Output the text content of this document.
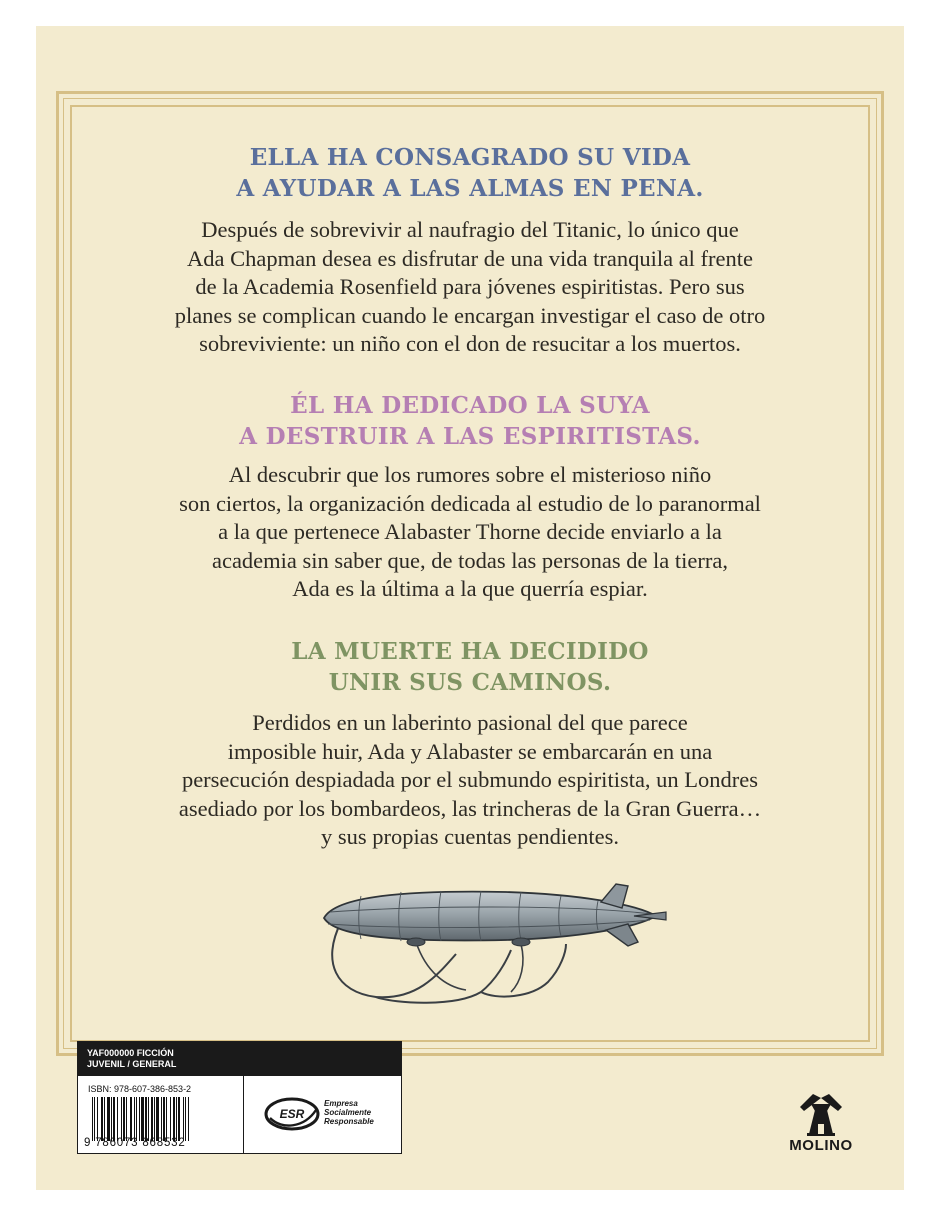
ELLA HA CONSAGRADO SU VIDA
A AYUDAR A LAS ALMAS EN PENA.

Después de sobrevivir al naufragio del Titanic, lo único que
Ada Chapman desea es disfrutar de una vida tranquila al frente
de la Academia Rosenfield para jóvenes espiritistas. Pero sus
planes se complican cuando le encargan investigar el caso de otro
sobreviviente: un niño con el don de resucitar a los muertos.

ÉL HA DEDICADO LA SUYA
A DESTRUIR A LAS ESPIRITISTAS.

Al descubrir que los rumores sobre el misterioso niño
son ciertos, la organización dedicada al estudio de lo paranormal
a la que pertenece Alabaster Thorne decide enviarlo a la
academia sin saber que, de todas las personas de la tierra,
Ada es la última a la que querría espiar.

LA MUERTE HA DECIDIDO
UNIR SUS CAMINOS.

Perdidos en un laberinto pasional del que parece
imposible huir, Ada y Alabaster se embarcarán en una
persecución despiadada por el submundo espiritista, un Londres
asediado por los bombardeos, las trincheras de la Gran Guerra…
y sus propias cuentas pendientes.

YAF000000 FICCIÓN
JUVENIL / GENERAL
ISBN: 978-607-386-853-2
9 786073 868532
ESR
Empresa
Socialmente
Responsable
MOLINO
